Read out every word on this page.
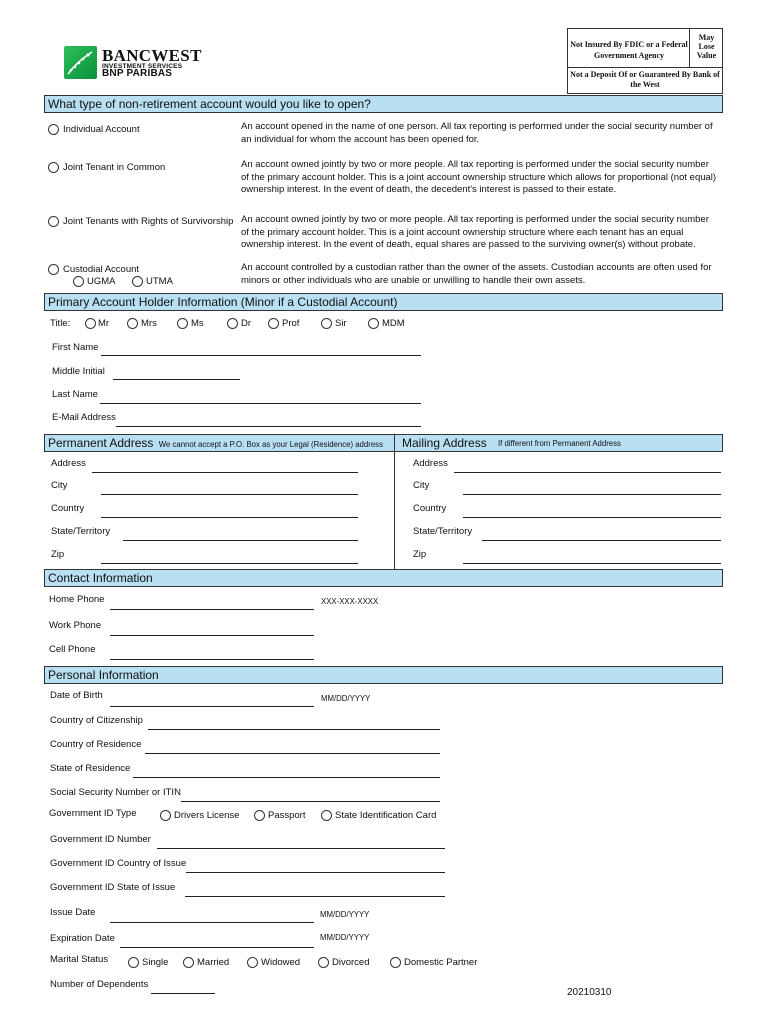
BANCWEST
INVESTMENT SERVICES
BNP PARIBAS
Not Insured By FDIC or a Federal Government Agency
May Lose Value
Not a Deposit Of or Guaranteed By Bank of the West
What type of non-retirement account would you like to open?
Individual Account	An account opened in the name of one person. All tax reporting is performed under the social security number of an individual for whom the account has been opened for.
Joint Tenant in Common	An account owned jointly by two or more people. All tax reporting is performed under the social security number of the primary account holder. This is a joint account ownership structure which allows for proportional (not equal) ownership interest. In the event of death, the decedent's interest is passed to their estate.
Joint Tenants with Rights of Survivorship An account owned jointly by two or more people. All tax reporting is performed under the social security number of the primary account holder. This is a joint account ownership structure where each tenant has an equal ownership interest. In the event of death, equal shares are passed to the surviving owner(s) without probate.
Custodial Account
UGMA	UTMA
An account controlled by a custodian rather than the owner of the assets. Custodian accounts are often used for minors or other individuals who are unable or unwilling to handle their own assets.
Primary Account Holder Information (Minor if a Custodial Account)
Title:	Mr	Mrs	Ms	Dr	Prof	Sir	MDM
First Name
Middle Initial
Last Name
E-Mail Address
Permanent Address We cannot accept a P.O. Box as your Legal (Residence) address Mailing Address If different from Permanent Address
Address
City
Country
State/Territory
Zip
Address
City
Country
State/Territory
Zip
Contact Information
Home Phone	XXX-XXX-XXXX
Work Phone
Cell Phone
Personal Information
Date of Birth	MM/DD/YYYY
Country of Citizenship
Country of Residence
State of Residence
Social Security Number or ITIN
Government ID Type	Drivers License	Passport	State Identification Card
Government ID Number
Government ID Country of Issue
Government ID State of Issue
Issue Date	MM/DD/YYYY
Expiration Date	MM/DD/YYYY
Marital Status	Single	Married	Widowed	Divorced	Domestic Partner
Number of Dependents
20210310
